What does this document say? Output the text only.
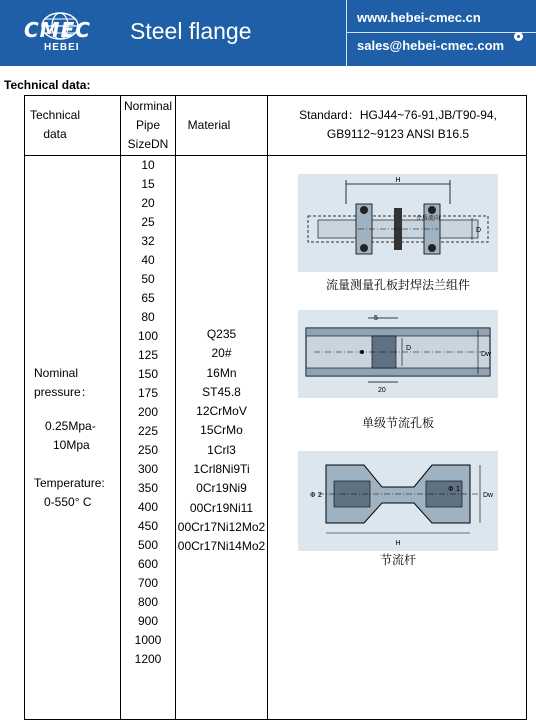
CMEC
HEBEI
Steel flange
www.hebei-cmec.cn
sales@hebei-cmec.com
Technical data:
Technical
data
Norminal
Pipe
SizeDN
Material
Standard：HGJ44~76-91,JB/T90-94,
GB9112~9123 ANSI B16.5
Nominal
pressure：
0.25Mpa-
10Mpa
Temperature:
0-550° C
10
15
20
25
32
40
50
65
80
100
125
150
175
200
225
250
300
350
400
450
500
600
700
800
900
1000
1200
Q235
20#
16Mn
ST45.8
12CrMoV
15CrMo
1Crl3
1Crl8Ni9Ti
0Cr19Ni9
00Cr19Ni11
00Cr17Ni12Mo2
00Cr17Ni14Mo2
H
介质流向
D
流量测量孔板封焊法兰组件
5
D
Dw
20
单级节流孔板
Φ 2
Φ 1
Dw
H
节流杆
